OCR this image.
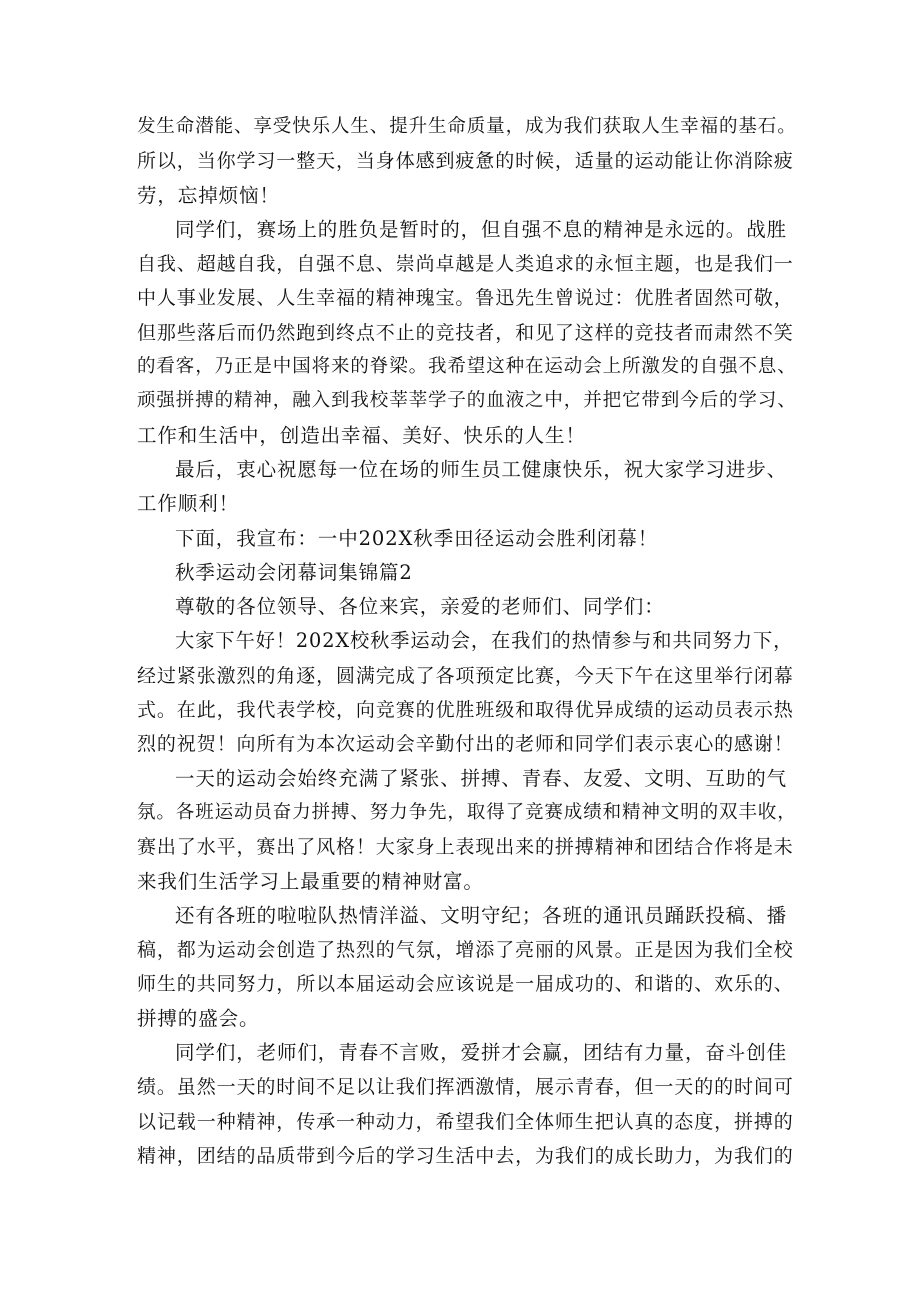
发生命潜能、享受快乐人生、提升生命质量，成为我们获取人生幸福的基石。
所以，当你学习一整天，当身体感到疲惫的时候，适量的运动能让你消除疲
劳，忘掉烦恼！
同学们，赛场上的胜负是暂时的，但自强不息的精神是永远的。战胜
自我、超越自我，自强不息、崇尚卓越是人类追求的永恒主题，也是我们一
中人事业发展、人生幸福的精神瑰宝。鲁迅先生曾说过：优胜者固然可敬，
但那些落后而仍然跑到终点不止的竞技者，和见了这样的竞技者而肃然不笑
的看客，乃正是中国将来的脊梁。我希望这种在运动会上所激发的自强不息、
顽强拼搏的精神，融入到我校莘莘学子的血液之中，并把它带到今后的学习、
工作和生活中，创造出幸福、美好、快乐的人生！
最后，衷心祝愿每一位在场的师生员工健康快乐，祝大家学习进步、
工作顺利！
下面，我宣布：一中202X秋季田径运动会胜利闭幕！
秋季运动会闭幕词集锦篇2
尊敬的各位领导、各位来宾，亲爱的老师们、同学们：
大家下午好！202X校秋季运动会，在我们的热情参与和共同努力下，
经过紧张激烈的角逐，圆满完成了各项预定比赛，今天下午在这里举行闭幕
式。在此，我代表学校，向竞赛的优胜班级和取得优异成绩的运动员表示热
烈的祝贺！向所有为本次运动会辛勤付出的老师和同学们表示衷心的感谢！
一天的运动会始终充满了紧张、拼搏、青春、友爱、文明、互助的气
氛。各班运动员奋力拼搏、努力争先，取得了竞赛成绩和精神文明的双丰收，
赛出了水平，赛出了风格！大家身上表现出来的拼搏精神和团结合作将是未
来我们生活学习上最重要的精神财富。
还有各班的啦啦队热情洋溢、文明守纪；各班的通讯员踊跃投稿、播
稿，都为运动会创造了热烈的气氛，增添了亮丽的风景。正是因为我们全校
师生的共同努力，所以本届运动会应该说是一届成功的、和谐的、欢乐的、
拼搏的盛会。
同学们，老师们，青春不言败，爱拼才会赢，团结有力量，奋斗创佳
绩。虽然一天的时间不足以让我们挥洒激情，展示青春，但一天的的时间可
以记载一种精神，传承一种动力，希望我们全体师生把认真的态度，拼搏的
精神，团结的品质带到今后的学习生活中去，为我们的成长助力，为我们的
